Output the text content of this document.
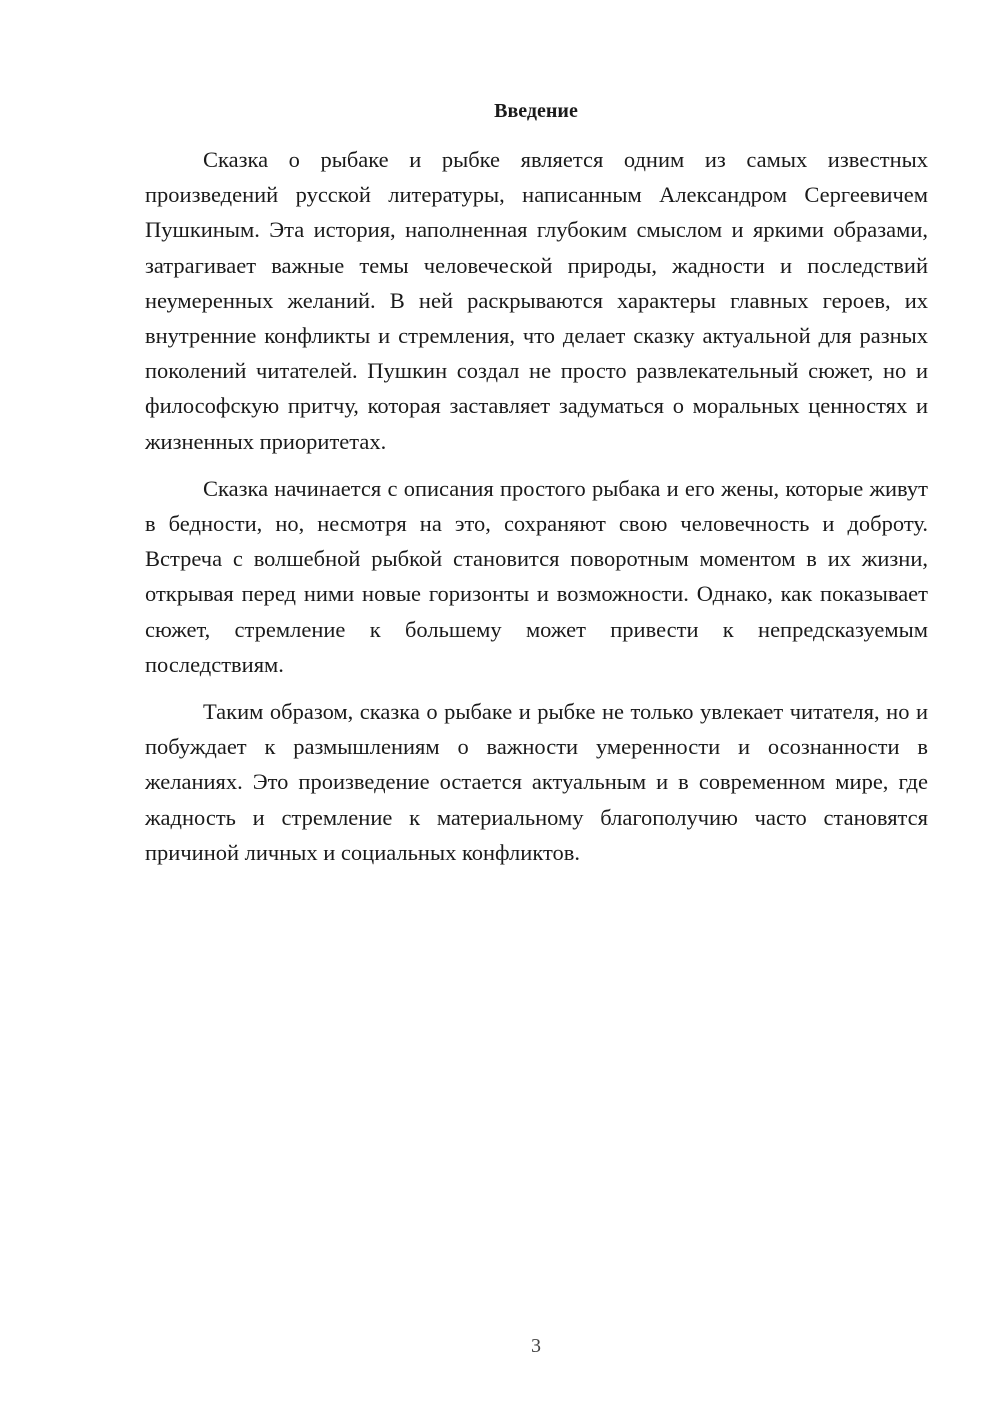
Введение

Сказка о рыбаке и рыбке является одним из самых известных произведений русской литературы, написанным Александром Сергеевичем Пушкиным. Эта история, наполненная глубоким смыслом и яркими образами, затрагивает важные темы человеческой природы, жадности и последствий неумеренных желаний. В ней раскрываются характеры главных героев, их внутренние конфликты и стремления, что делает сказку актуальной для разных поколений читателей. Пушкин создал не просто развлекательный сюжет, но и философскую притчу, которая заставляет задуматься о моральных ценностях и жизненных приоритетах.

Сказка начинается с описания простого рыбака и его жены, которые живут в бедности, но, несмотря на это, сохраняют свою человечность и доброту. Встреча с волшебной рыбкой становится поворотным моментом в их жизни, открывая перед ними новые горизонты и возможности. Однако, как показывает сюжет, стремление к большему может привести к непредсказуемым последствиям.

Таким образом, сказка о рыбаке и рыбке не только увлекает читателя, но и побуждает к размышлениям о важности умеренности и осознанности в желаниях. Это произведение остается актуальным и в современном мире, где жадность и стремление к материальному благополучию часто становятся причиной личных и социальных конфликтов.

3
